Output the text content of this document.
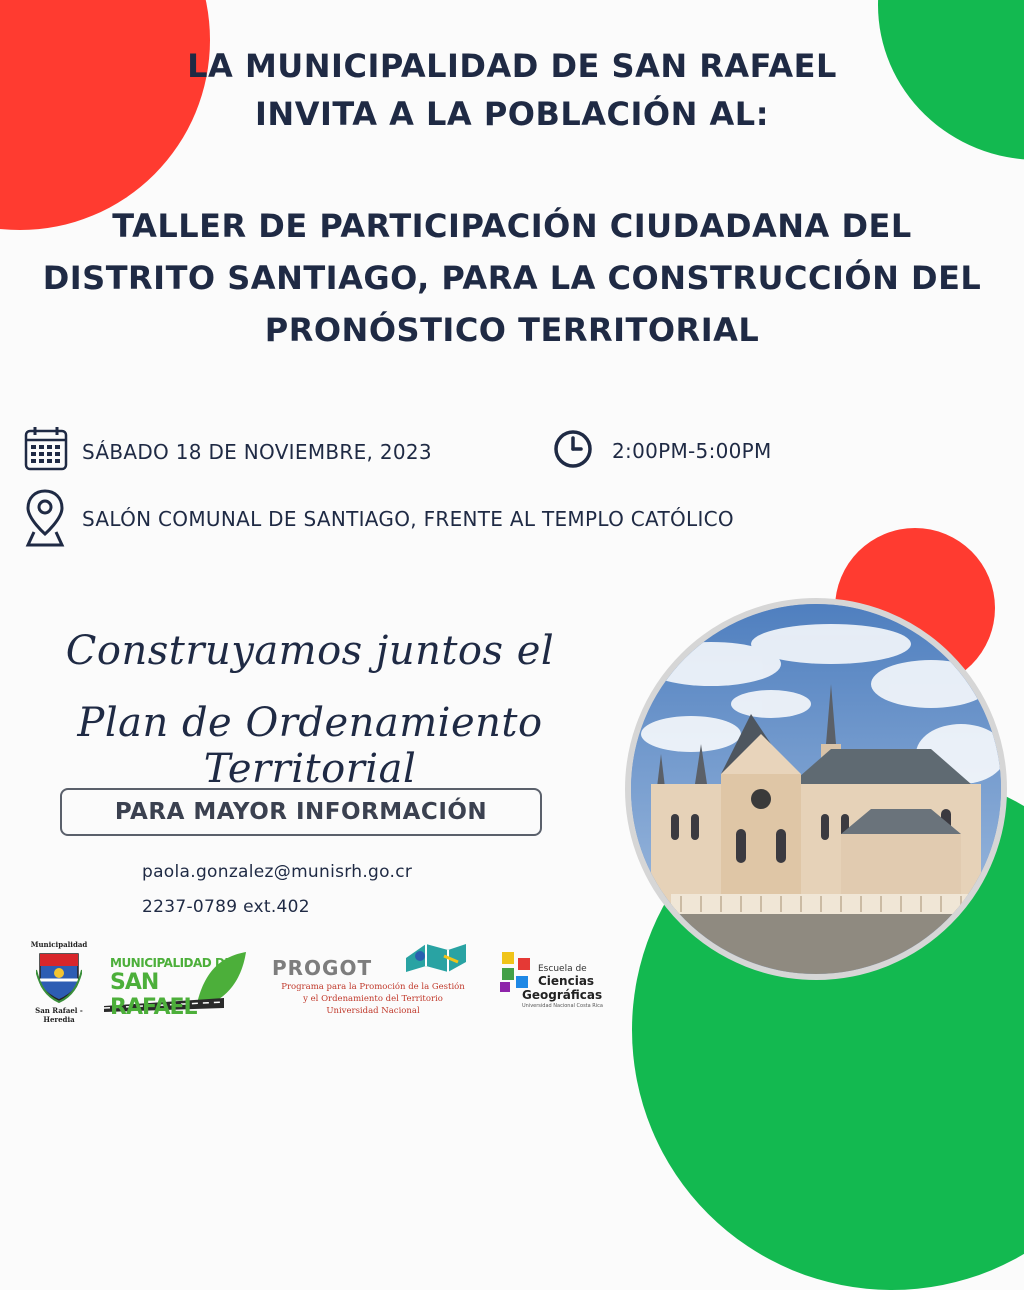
LA MUNICIPALIDAD DE SAN RAFAEL
INVITA A LA POBLACIÓN AL:
TALLER DE PARTICIPACIÓN CIUDADANA DEL
DISTRITO SANTIAGO, PARA LA CONSTRUCCIÓN DEL
PRONÓSTICO TERRITORIAL
SÁBADO 18 DE NOVIEMBRE, 2023	2:00PM-5:00PM
SALÓN COMUNAL DE SANTIAGO, FRENTE AL TEMPLO CATÓLICO
Construyamos juntos el
Plan de Ordenamiento Territorial
PARA MAYOR INFORMACIÓN
paola.gonzalez@munisrh.go.cr
2237-0789 ext.402
Municipalidad
San Rafael - Heredia
MUNICIPALIDAD DE
SAN RAFAEL
PROGOT
Programa para la Promoción de la Gestión
y el Ordenamiento del Territorio
Universidad Nacional
Escuela de
Ciencias
Geográficas
Universidad Nacional Costa Rica
